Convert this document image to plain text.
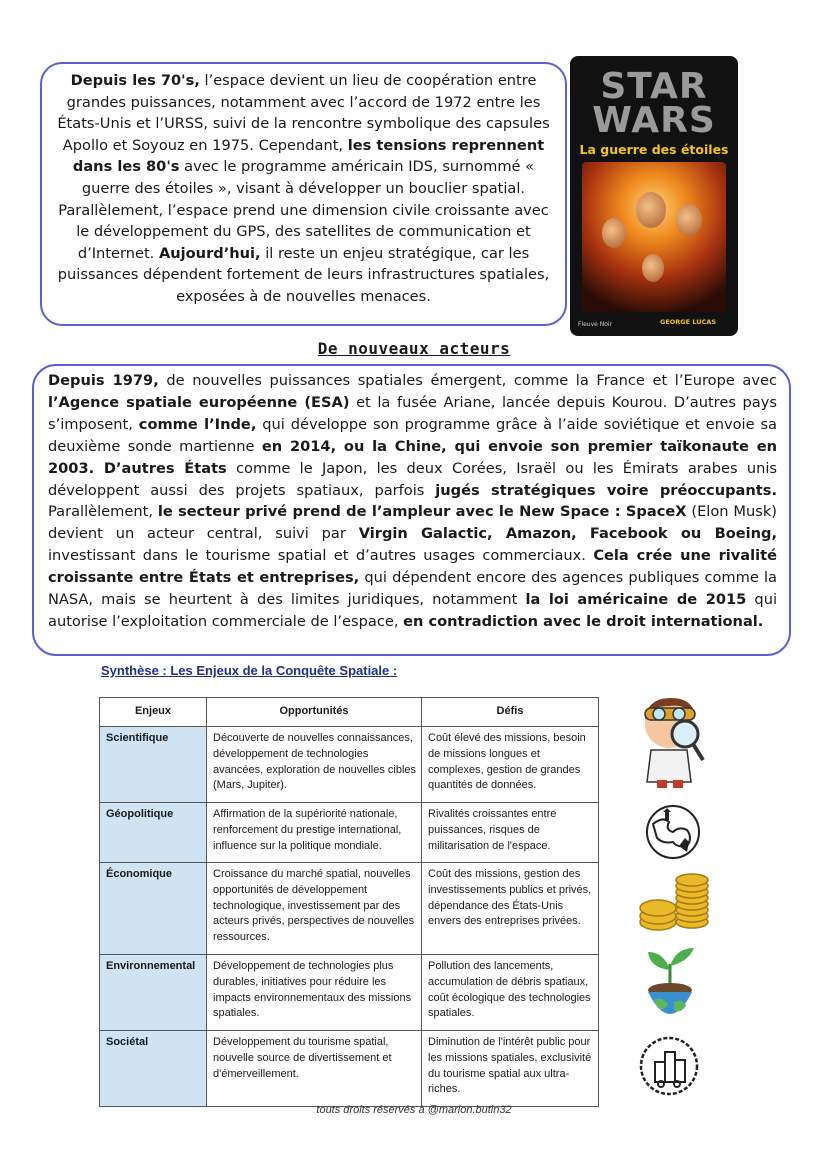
Depuis les 70's, l’espace devient un lieu de coopération entre grandes puissances, notamment avec l’accord de 1972 entre les États-Unis et l’URSS, suivi de la rencontre symbolique des capsules Apollo et Soyouz en 1975. Cependant, les tensions reprennent dans les 80's avec le programme américain IDS, surnommé « guerre des étoiles », visant à développer un bouclier spatial. Parallèlement, l’espace prend une dimension civile croissante avec le développement du GPS, des satellites de communication et d’Internet. Aujourd’hui, il reste un enjeu stratégique, car les puissances dépendent fortement de leurs infrastructures spatiales, exposées à de nouvelles menaces.
STAR
WARS
La guerre des étoiles
Fleuve Noir	GEORGE LUCAS
De nouveaux acteurs
Depuis 1979, de nouvelles puissances spatiales émergent, comme la France et l’Europe avec l’Agence spatiale européenne (ESA) et la fusée Ariane, lancée depuis Kourou. D’autres pays s’imposent, comme l’Inde, qui développe son programme grâce à l’aide soviétique et envoie sa deuxième sonde martienne en 2014, ou la Chine, qui envoie son premier taïkonaute en 2003. D’autres États comme le Japon, les deux Corées, Israël ou les Émirats arabes unis développent aussi des projets spatiaux, parfois jugés stratégiques voire préoccupants. Parallèlement, le secteur privé prend de l’ampleur avec le New Space : SpaceX (Elon Musk) devient un acteur central, suivi par Virgin Galactic, Amazon, Facebook ou Boeing, investissant dans le tourisme spatial et d’autres usages commerciaux. Cela crée une rivalité croissante entre États et entreprises, qui dépendent encore des agences publiques comme la NASA, mais se heurtent à des limites juridiques, notamment la loi américaine de 2015 qui autorise l’exploitation commerciale de l’espace, en contradiction avec le droit international.
Synthèse : Les Enjeux de la Conquête Spatiale :
Enjeux	Opportunités	Défis
Scientifique	Découverte de nouvelles connaissances, développement de technologies avancées, exploration de nouvelles cibles (Mars, Jupiter).	Coût élevé des missions, besoin de missions longues et complexes, gestion de grandes quantités de données.
Géopolitique	Affirmation de la supériorité nationale, renforcement du prestige international, influence sur la politique mondiale.	Rivalités croissantes entre puissances, risques de militarisation de l'espace.
Économique	Croissance du marché spatial, nouvelles opportunités de développement technologique, investissement par des acteurs privés, perspectives de nouvelles ressources.	Coût des missions, gestion des investissements publics et privés, dépendance des États-Unis envers des entreprises privées.
Environnemental	Développement de technologies plus durables, initiatives pour réduire les impacts environnementaux des missions spatiales.	Pollution des lancements, accumulation de débris spatiaux, coût écologique des technologies spatiales.
Sociétal	Développement du tourisme spatial, nouvelle source de divertissement et d'émerveillement.	Diminution de l'intérêt public pour les missions spatiales, exclusivité du tourisme spatial aux ultra-riches.
touts droits réservés à @marion.butin32
